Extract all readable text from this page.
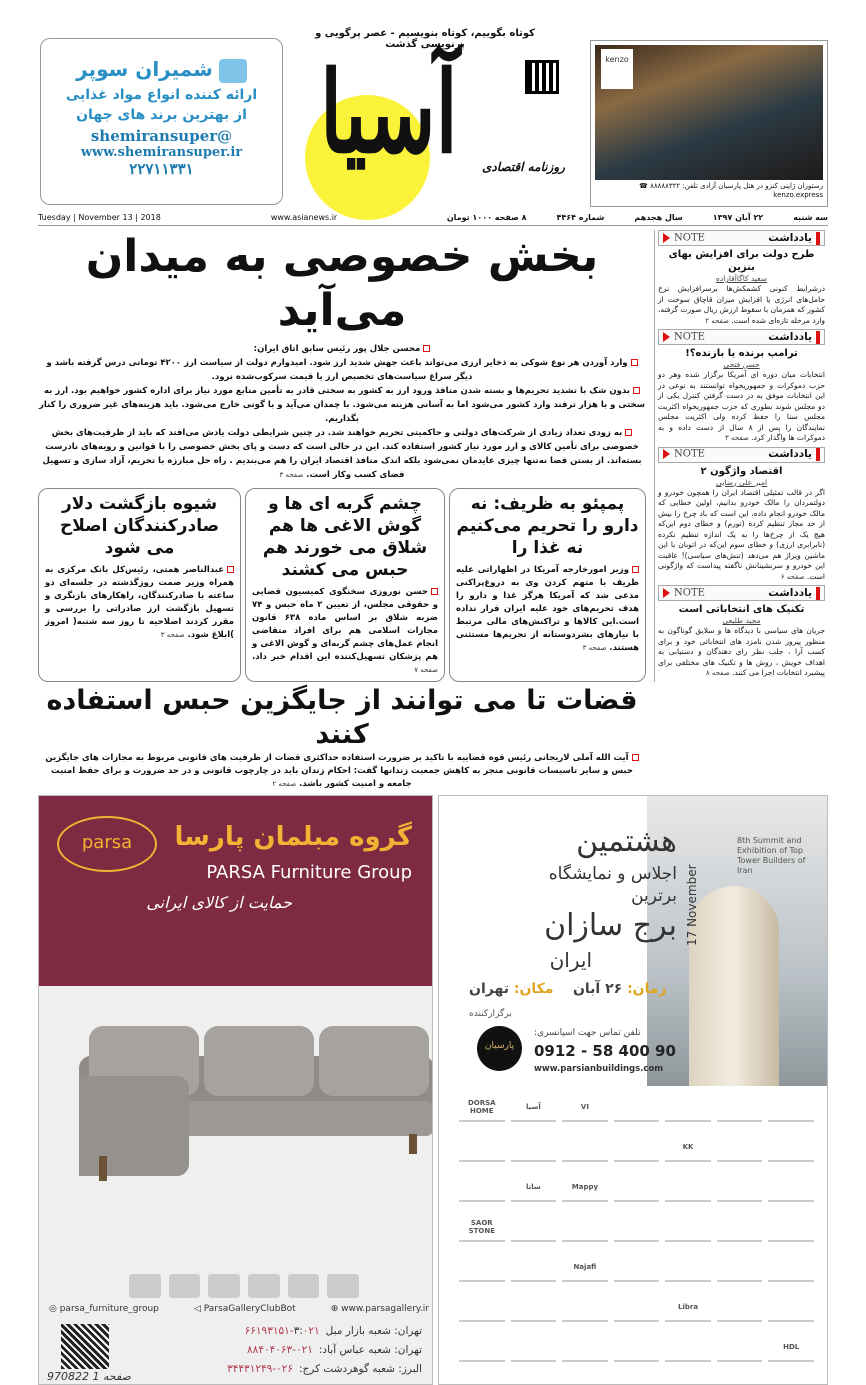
کوتاه بگوییم، کوتاه بنویسیم - عصر پرگویی و پرنویسی گذشت
شمیران سوپر
ارائه کننده انواع مواد غذایی
از بهترین برند های جهان
@shemiransuper
www.shemiransuper.ir
۲۲۷۱۱۳۳۱	آسیا روزنامه اقتصادی
kenzo
رستوران ژاپنی کنزو در هتل پارسیان آزادی تلفن: ۸۸۸۸۸۳۲۲ ☎ kenzo.express
Tuesday | November 13 | 2018	www.asianews.ir	سه شنبه
۲۲ آبان ۱۳۹۷
سال هجدهم
شماره ۴۴۶۴
۸ صفحه ۱۰۰۰ تومان
بخش خصوصی به میدان می‌آید
محسن جلال پور رئیس سابق اتاق ایران:
وارد آوردن هر نوع شوکی به ذخایر ارزی می‌تواند باعث جهش شدید ارز شود. امیدوارم دولت از سیاست ارز ۴۲۰۰ تومانی درس گرفته باشد و دیگر سراغ سیاست‌های تخصیص ارز با قیمت سرکوب‌شده نرود.
بدون شک با تشدید تحریم‌ها و بسته شدن منافذ ورود ارز به کشور به سختی قادر به تأمین منابع مورد نیاز برای اداره کشور خواهیم بود. ارز به سختی و با هزار ترفند وارد کشور می‌شود اما به آسانی هزینه می‌شود. با چمدان می‌آید و با گونی خارج می‌شود. باید هزینه‌های غیر ضروری را کنار بگذاریم.
به زودی تعداد زیادی از شرکت‌های دولتی و حاکمیتی تحریم خواهند شد. در چنین شرایطی دولت یادش می‌افتد که باید از ظرفیت‌های بخش خصوصی برای تأمین کالای و ارز مورد نیاز کشور استفاده کند. این در حالی است که دست و پای بخش خصوصی را با قوانین و رویه‌های نادرست بسته‌اند. از بستن فضا نه‌تنها چیزی عایدمان نمی‌شود بلکه اندک منافذ اقتصاد ایران را هم می‌بندیم . راه حل مبارزه با تحریم، آزاد سازی و تسهیل فضای کسب وکار است. صفحه ۳
پمپئو به ظریف: نه دارو را تحریم می‌کنیم نه غذا را

وزیر امورخارجه آمریکا در اظهاراتی علیه ظریف با متهم کردن وی به دروغ‌پراکنی مدعی شد که آمریکا هرگز غذا و دارو را هدف تحریم‌های خود علیه ایران قرار نداده است.این کالاها و تراکنش‌های مالی مرتبط با نیازهای بشردوستانه از تحریم‌ها مستثنی هستند. صفحه ۳

چشم گربه ای ها و گوش الاغی ها هم شلاق می خورند هم حبس می کشند

حسن نوروزی سخنگوی کمیسیون قضایی و حقوقی مجلس، از تعیین ۲ ماه حبس و ۷۴ ضربه شلاق بر اساس ماده ۶۳۸ قانون مجازات اسلامی هم برای افراد متقاضی انجام عمل‌های چشم گربه‌ای و گوش الاغی و هم پزشکان تسهیل‌کننده این اقدام خبر داد. صفحه ۷

شیوه بازگشت دلار صادرکنندگان اصلاح می شود

عبدالناصر همتی، رئیس‌کل بانک مرکزی به همراه وزیر صمت روزگذشته در جلسه‌ای دو ساعته با صادرکنندگان، راهکارهای بازنگری و تسهیل بازگشت ارز صادراتی را بررسی و مقرر کردند اصلاحیه تا روز سه شنبه( امروز )ابلاغ شود. صفحه ۳

قضات تا می توانند از جایگزین حبس استفاده کنند
آیت الله آملی لاریجانی رئیس قوه قضاییه با تاکید بر ضرورت استفاده حداکثری قضات از ظرفیت های قانونی مربوط به مجازات های جایگزین حبس و سایر تاسیسات قانونی منجر به کاهش جمعیت زندانها گفت: احکام زندان باید در چارچوب قانونی و در حد ضرورت و برای حفظ امنیت جامعه و امنیت کشور باشد. صفحه ۲
یادداشت
NOTE
طرح دولت برای افزایش بهای بنزین
سعید کاگاآقازاده
درشرایط کنونی کشمکش‌ها برسرافزایش نرخ حامل‌های انرژی یا افزایش میزان قاچاق سوخت از کشور که همزمان با سقوط ارزش ریال صورت گرفته، وارد مرحله تازه‌ای شده است. صفحه ۲
یادداشت
NOTE
ترامپ برنده یا بازنده؟!
حسن فتحی
انتخابات میان دوره ای آمریکا برگزار شده وهر دو حزب دموکرات و جمهوریخواه توانستند به نوعی در این انتخابات موفق به در دست گرفتن کنترل یکی از دو مجلس شوند بطوری که حزب جمهوریخواه اکثریت مجلس سنا را حفظ کرده ولی اکثریت مجلس نمایندگان را پس از ۸ سال از دست داده و به دموکرات ها واگذار کرد. صفحه ۳
یادداشت
NOTE
اقتصاد واژگون ۲
امیر علی رضایی
اگر در قالب تمثیلی اقتصاد ایران را همچون خودرو و دولتمردان را مالک خودرو بدانیم، اولین خطایی که مالک خودرو انجام داده، این است که باد چرخ را بیش از حد مجاز تنظیم کرده (تورم) و خطای دوم این‌که هیچ یک از چرخ‌ها را به یک اندازه تنظیم نکرده (نابرابری ارزی) و خطای سوم این‌که در اتوبان با این ماشین ویراژ هم می‌دهد (تنش‌های سیاسی)! عاقبت این خودرو و سرنشینانش ناگفته پیداست که واژگونی است. صفحه ۶
یادداشت
NOTE
تکنیک های انتخاباتی است
مجید طلیعی
جریان های سیاسی با دیدگاه ها و سلایق گوناگون به منظور پیروز شدن نامزد های انتخاباتی خود و برای کسب آرا ، جلب نظر رای دهندگان و دستیابی به اهداف خویش ، روش ها و تکنیک های مختلفی برای پیشبرد انتخابات اجرا می کنند. صفحه ۸
parsa	گروه مبلمان پارسا
PARSA Furniture Group
حمایت از کالای ایرانی
◎ parsa_furniture_group	◁ ParsaGalleryClubBot	⊕ www.parsagallery.ir
تهران: شعبه بازار مبل۳:۰۲۱-۶۶۱۹۳۱۵۱
تهران: شعبه عباس آباد:۰۲۱-۸۸۴۰۴۰۶۳
البرز: شعبه گوهردشت کرج:۰۲۶-۳۴۴۳۱۲۴۹
970822 1 صفحه
8th Summit and Exhibition of Top Tower Builders of Iran
هشتمین
اجلاس و نمایشگاه
برترین
برج سازان
ایران
17 November
زمان: ۲۶ آبان    مکان: تهران
برگزارکننده
پارسیان
تلفن تماس جهت اسپانسری:
0912 - 58 400 90
www.parsianbuildings.com
DORSA HOME	آسیا	VI
KK
ساتا	Mappy
SAOR STONE
Najafi
Libra
HDL
